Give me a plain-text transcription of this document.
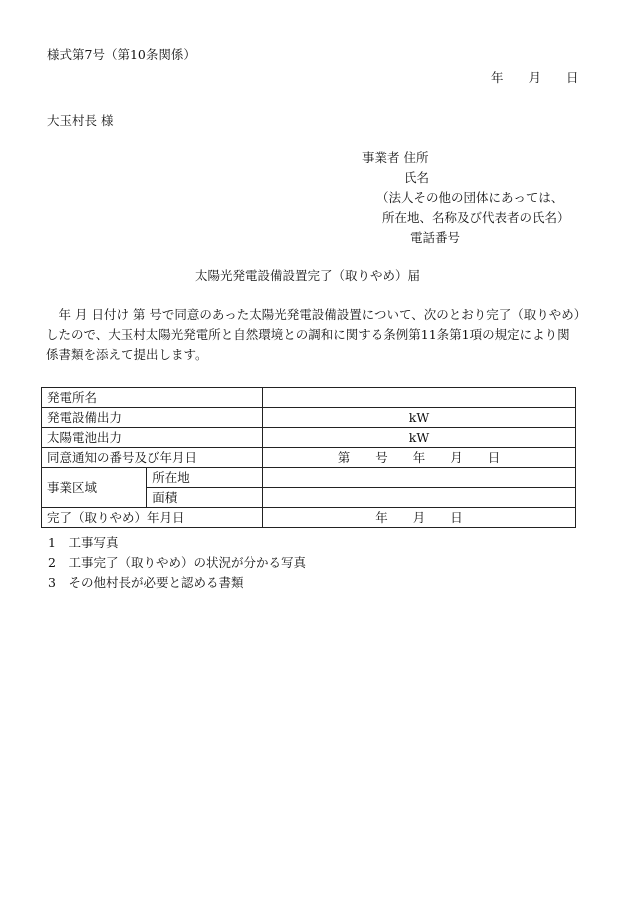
様式第7号（第10条関係）
年　　月　　日
大玉村長 様
事業者 住所
氏名
（法人その他の団体にあっては、
所在地、名称及び代表者の氏名）
電話番号
太陽光発電設備設置完了（取りやめ）届

年 月 日付け 第 号で同意のあった太陽光発電設備設置について、次のとおり完了（取りやめ）したので、大玉村太陽光発電所と自然環境との調和に関する条例第11条第1項の規定により関係書類を添えて提出します。

発電所名		
発電設備出力		kW
太陽電池出力		kW
同意通知の番号及び年月日		第　　号　　年　　月　　日
事業区域	所在地	
	面積	
完了（取りやめ）年月日		年　　月　　日
1　工事写真
2　工事完了（取りやめ）の状況が分かる写真
3　その他村長が必要と認める書類
